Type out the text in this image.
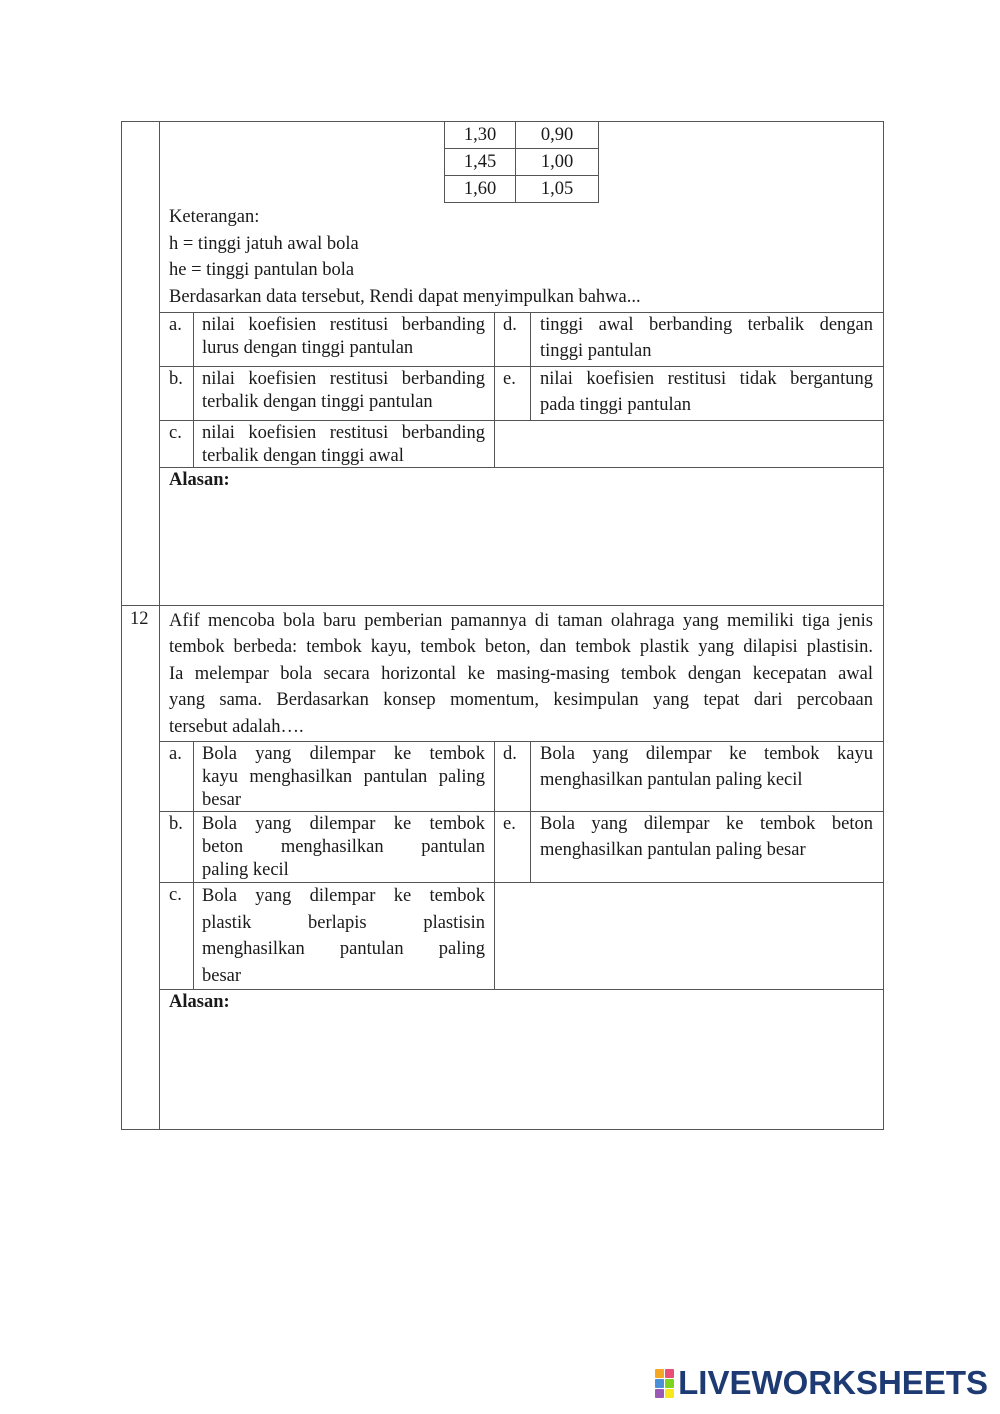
1,30	0,90
1,45	1,00
1,60	1,05
Keterangan:
h = tinggi jatuh awal bola
he = tinggi pantulan bola
Berdasarkan data tersebut, Rendi dapat menyimpulkan bahwa...
a. nilai koefisien restitusi berbanding
lurus dengan tinggi pantulan
b. nilai koefisien restitusi berbanding
terbalik dengan tinggi pantulan
c. nilai koefisien restitusi berbanding
terbalik dengan tinggi awal
d. tinggi awal berbanding terbalik dengan
tinggi pantulan
e. nilai koefisien restitusi tidak bergantung
pada tinggi pantulan
Alasan:
12 Afif mencoba bola baru pemberian pamannya di taman olahraga yang memiliki tiga jenis
tembok berbeda: tembok kayu, tembok beton, dan tembok plastik yang dilapisi plastisin.
Ia melempar bola secara horizontal ke masing-masing tembok dengan kecepatan awal
yang sama. Berdasarkan konsep momentum, kesimpulan yang tepat dari percobaan
tersebut adalah….
a. Bola yang dilempar ke tembok
kayu menghasilkan pantulan paling
besar
b. Bola yang dilempar ke tembok
beton menghasilkan pantulan
paling kecil
c. Bola yang dilempar ke tembok
plastik berlapis plastisin
menghasilkan pantulan paling
besar
d. Bola yang dilempar ke tembok kayu
menghasilkan pantulan paling kecil
e. Bola yang dilempar ke tembok beton
menghasilkan pantulan paling besar
Alasan:
LIVEWORKSHEETS
